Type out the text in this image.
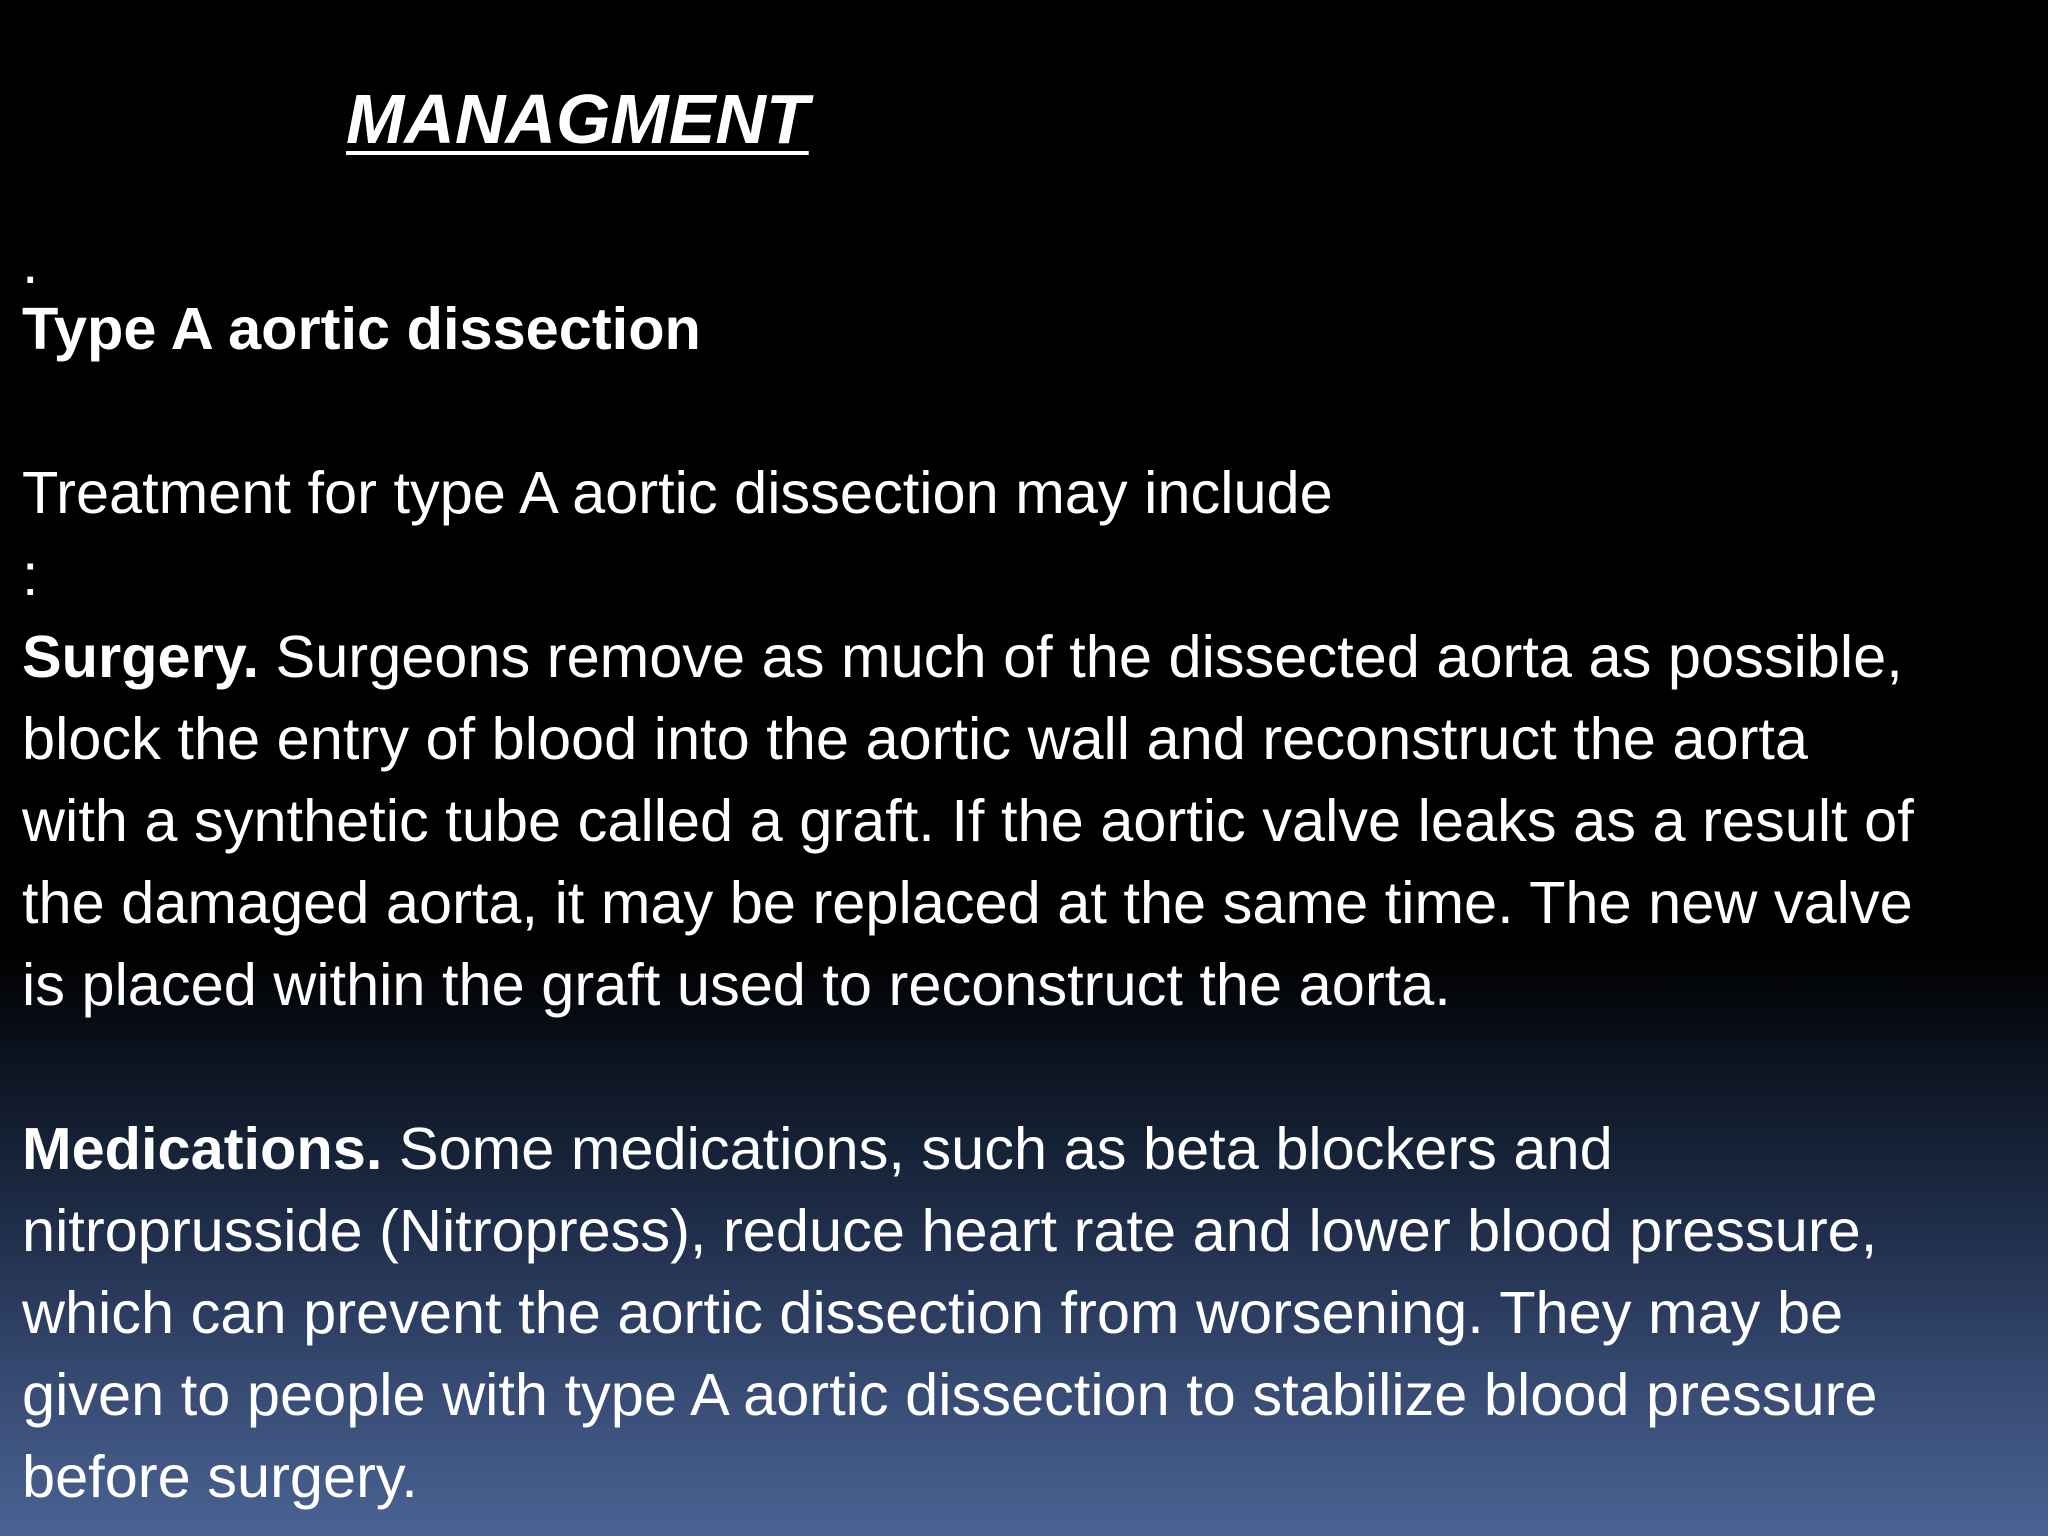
MANAGMENT

.

Type A aortic dissection

Treatment for type A aortic dissection may include

:

Surgery. Surgeons remove as much of the dissected aorta as possible,

block the entry of blood into the aortic wall and reconstruct the aorta

with a synthetic tube called a graft. If the aortic valve leaks as a result of

the damaged aorta, it may be replaced at the same time. The new valve

is placed within the graft used to reconstruct the aorta.

Medications. Some medications, such as beta blockers and

nitroprusside (Nitropress), reduce heart rate and lower blood pressure,

which can prevent the aortic dissection from worsening. They may be

given to people with type A aortic dissection to stabilize blood pressure

before surgery.
